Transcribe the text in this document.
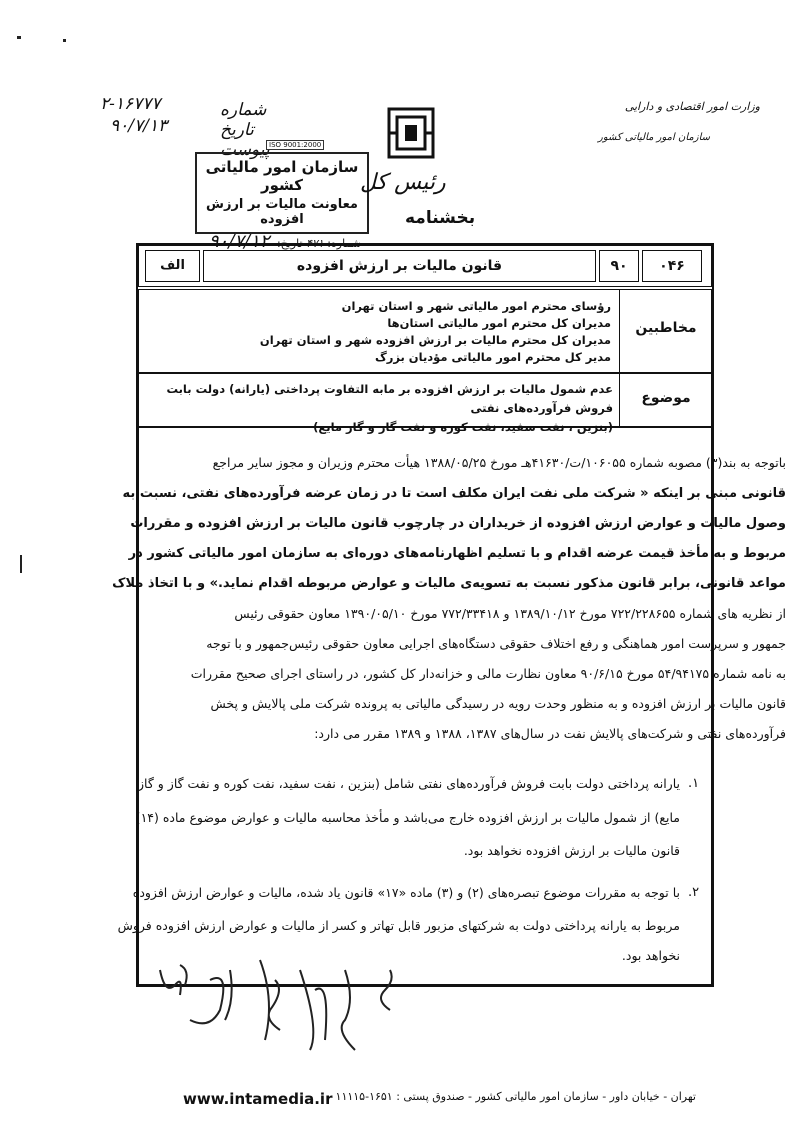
وزارت امور اقتصادی و دارایی
سازمان امور مالیاتی کشور
ISO 9001:2000
۲-۱۶۷۷۷	شماره
۹۰/۷/۱۳	تاریخ
پیوست
سازمان امور مالیاتی کشور
معاونت مالیات بر ارزش افزوده
شماره: ۴۷۱ تاریخ: ۹۰/۷/۱۲
رئیس کل
بخشنامه
۰۴۶
۹۰
قانون مالیات بر ارزش افزوده
الف
مخاطبین
رؤسای محترم امور مالیاتی شهر و استان تهران
مدیران کل محترم امور مالیاتی استان‌ها
مدیران کل محترم مالیات بر ارزش افزوده شهر و استان تهران
مدیر کل محترم امور مالیاتی مؤدیان بزرگ
موضوع
عدم شمول مالیات بر ارزش افزوده بر مابه التفاوت پرداختی (یارانه) دولت بابت فروش فرآورده‌های نفتی
(بنزین ، نفت سفید، نفت کوره و نفت گاز و گاز مایع)
باتوجه به بند(۳) مصوبه شماره ۱۰۶۰۵۵/ت/۴۱۶۳۰هـ مورخ ۱۳۸۸/۰۵/۲۵ هیأت محترم وزیران و مجوز سایر مراجع
قانونی مبنی بر اینکه « شرکت ملی نفت ایران مکلف است تا در زمان عرضه فرآورده‌های نفتی، نسبت به
وصول مالیات و عوارض ارزش افزوده از خریداران در چارچوب قانون مالیات بر ارزش افزوده و مقررات
مربوط و به مأخذ قیمت عرضه اقدام و با تسلیم اظهارنامه‌های دوره‌ای به سازمان امور مالیاتی کشور در
مواعد قانونی، برابر قانون مذکور نسبت به تسویه‌ی مالیات و عوارض مربوطه اقدام نماید.» و با اتخاذ ملاک
از نظریه های شماره ۷۲۲/۲۲۸۶۵۵ مورخ ۱۳۸۹/۱۰/۱۲ و ۷۷۲/۳۳۴۱۸ مورخ ۱۳۹۰/۰۵/۱۰ معاون حقوقی رئیس
جمهور و سرپرست امور هماهنگی و رفع اختلاف حقوقی دستگاه‌های اجرایی معاون حقوقی رئیس‌جمهور و با توجه
به نامه شماره ۵۴/۹۴۱۷۵ مورخ ۹۰/۶/۱۵ معاون نظارت مالی و خزانه‌دار کل کشور، در راستای اجرای صحیح مقررات
قانون مالیات بر ارزش افزوده و به منظور وحدت رویه در رسیدگی مالیاتی به پرونده شرکت ملی پالایش و پخش
فرآورده‌های نفتی و شرکت‌های پالایش نفت در سال‌های ۱۳۸۷، ۱۳۸۸ و ۱۳۸۹ مقرر می دارد:
۱.
یارانه پرداختی دولت بابت فروش فرآورده‌های نفتی شامل (بنزین ، نفت سفید، نفت کوره و نفت گاز و گاز
مایع) از شمول مالیات بر ارزش افزوده خارج می‌باشد و مأخذ محاسبه مالیات و عوارض موضوع ماده (۱۴)
قانون مالیات بر ارزش افزوده نخواهد بود.
۲.
با توجه به مقررات موضوع تبصره‌های (۲) و (۳) ماده «۱۷» قانون یاد شده، مالیات و عوارض ارزش افزوده
مربوط به یارانه پرداختی دولت به شرکتهای مزبور قابل تهاتر و کسر از مالیات و عوارض ارزش افزوده فروش
نخواهد بود.
www.intamedia.ir تهران - خیابان داور - سازمان امور مالیاتی کشور - صندوق پستی : ۱۶۵۱-۱۱۱۱۵
